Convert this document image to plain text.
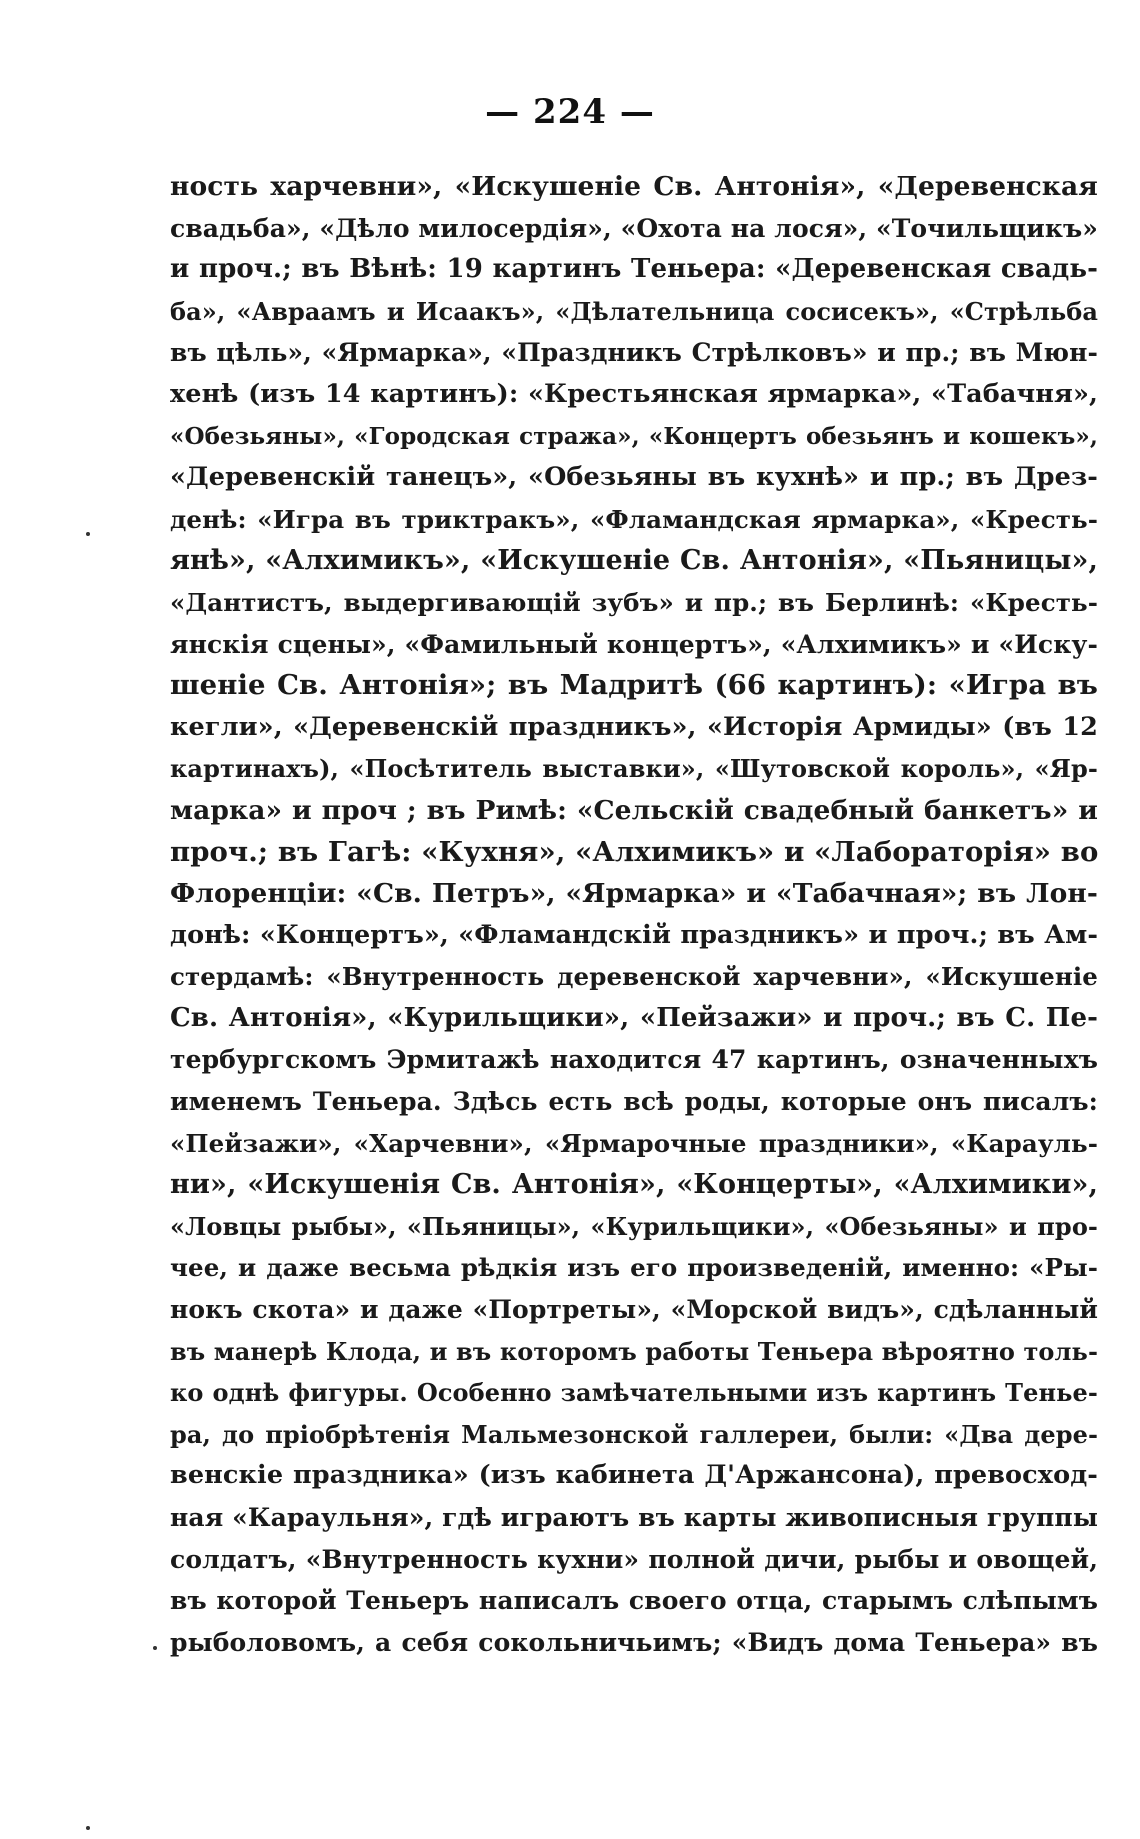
— 224 —
ность харчевни», «Искушеніе Св. Антонія», «Деревенская
свадьба», «Дѣло милосердія», «Охота на лося», «Точильщикъ»
и проч.; въ Вѣнѣ: 19 картинъ Теньера: «Деревенская свадь-
ба», «Авраамъ и Исаакъ», «Дѣлательница сосисекъ», «Стрѣльба
въ цѣль», «Ярмарка», «Праздникъ Стрѣлковъ» и пр.; въ Мюн-
хенѣ (изъ 14 картинъ): «Крестьянская ярмарка», «Табачня»,
«Обезьяны», «Городская стража», «Концертъ обезьянъ и кошекъ»,
«Деревенскій танецъ», «Обезьяны въ кухнѣ» и пр.; въ Дрез-
денѣ: «Игра въ триктракъ», «Фламандская ярмарка», «Кресть-
янѣ», «Алхимикъ», «Искушеніе Св. Антонія», «Пьяницы»,
«Дантистъ, выдергивающій зубъ» и пр.; въ Берлинѣ: «Кресть-
янскія сцены», «Фамильный концертъ», «Алхимикъ» и «Иску-
шеніе Св. Антонія»; въ Мадритѣ (66 картинъ): «Игра въ
кегли», «Деревенскій праздникъ», «Исторія Армиды» (въ 12
картинахъ), «Посѣтитель выставки», «Шутовской король», «Яр-
марка» и проч ; въ Римѣ: «Сельскій свадебный банкетъ» и
проч.; въ Гагѣ: «Кухня», «Алхимикъ» и «Лабораторія» во
Флоренціи: «Св. Петръ», «Ярмарка» и «Табачная»; въ Лон-
донѣ: «Концертъ», «Фламандскій праздникъ» и проч.; въ Ам-
стердамѣ: «Внутренность деревенской харчевни», «Искушеніе
Св. Антонія», «Курильщики», «Пейзажи» и проч.; въ С. Пе-
тербургскомъ Эрмитажѣ находится 47 картинъ, означенныхъ
именемъ Теньера. Здѣсь есть всѣ роды, которые онъ писалъ:
«Пейзажи», «Харчевни», «Ярмарочные праздники», «Карауль-
ни», «Искушенія Св. Антонія», «Концерты», «Алхимики»,
«Ловцы рыбы», «Пьяницы», «Курильщики», «Обезьяны» и про-
чее, и даже весьма рѣдкія изъ его произведеній, именно: «Ры-
нокъ скота» и даже «Портреты», «Морской видъ», сдѣланный
въ манерѣ Клода, и въ которомъ работы Теньера вѣроятно толь-
ко однѣ фигуры. Особенно замѣчательными изъ картинъ Теньe-
ра, до пріобрѣтенія Мальмезонской галлереи, были: «Два дере-
венскіе праздника» (изъ кабинета Д'Аржансона), превосход-
ная «Караульня», гдѣ играютъ въ карты живописныя группы
солдатъ, «Внутренность кухни» полной дичи, рыбы и овощей,
въ которой Теньеръ написалъ своего отца, старымъ слѣпымъ
рыболовомъ, а себя сокольничьимъ; «Видъ дома Теньера» въ
